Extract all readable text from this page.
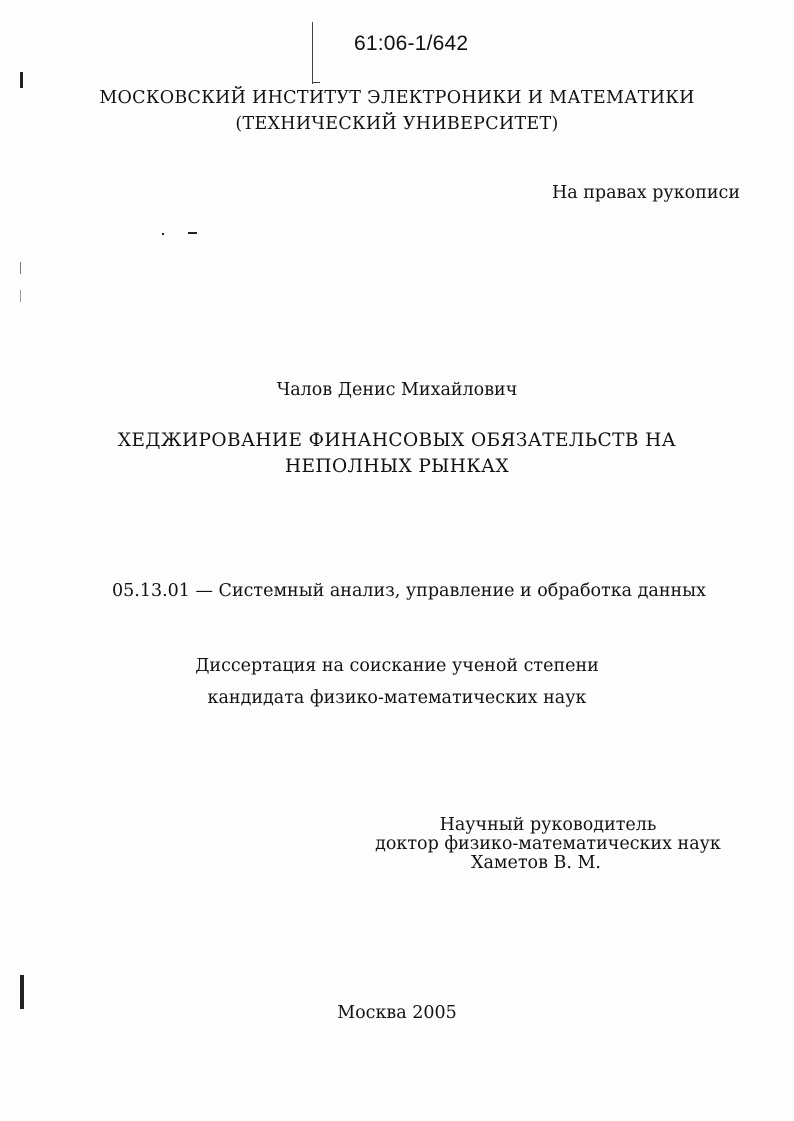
61:06-1/642
МОСКОВСКИЙ ИНСТИТУТ ЭЛЕКТРОНИКИ И МАТЕМАТИКИ
(ТЕХНИЧЕСКИЙ УНИВЕРСИТЕТ)
На правах рукописи
Чалов Денис Михайлович
ХЕДЖИРОВАНИЕ ФИНАНСОВЫХ ОБЯЗАТЕЛЬСТВ НА
НЕПОЛНЫХ РЫНКАХ
05.13.01 — Системный анализ, управление и обработка данных
Диссертация на соискание ученой степени
кандидата физико-математических наук
Научный руководитель
доктор физико-математических наук
Хаметов В. М.
Москва 2005
